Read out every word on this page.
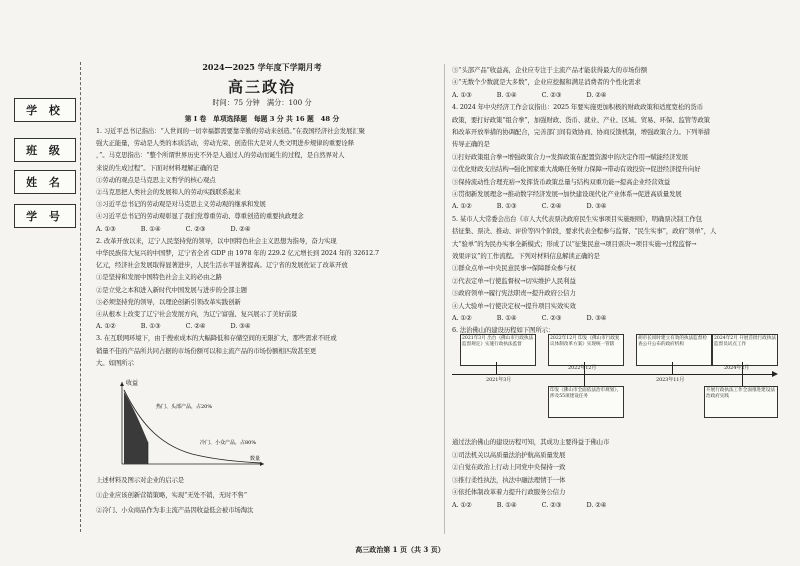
学 校
班 级
姓 名
学 号
2024—2025 学年度下学期月考
高三政治
时间：75 分钟　满分：100 分
第 I 卷　单项选择题　每题 3 分 共 16 题　48 分
1. 习近平总书记指出：“人世间的一切幸福都需要靠辛勤的劳动来创造。”在我国经济社会发展汇聚
强大正能量，劳动是人类的本质活动，劳动光荣、创造伟大是对人类文明进步规律的重要诠释
，”。马克思指出：“整个所谓世界历史不外是人通过人的劳动而诞生的过程，是自然界对人
来说的生成过程”。下面对材料理解正确的是
①劳动的观点是马克思主义哲学的核心观点
②马克思把人类社会的发展和人的劳动实践联系起来
③习近平总书记的劳动观是对马克思主义劳动观的继承和发展
④习近平总书记的劳动观彰显了我们党尊重劳动、尊重创造的重要执政理念
A. ①③　　　　B. ①④　　　　C. ②③　　　　D. ②④
2. 改革开放以来，辽宁人民坚持党的领导，以中国特色社会主义思想为指导，奋力实现
中华民族伟大复兴的中国梦，辽宁省全省 GDP 由 1978 年的 229.2 亿元增长到 2024 年的 32612.7
亿元，经济社会发展取得显著进步，人民生活水平显著提高。辽宁省的发展佐证了改革开放
①是坚持和发展中国特色社会主义的必由之路
②是立党之本和进入新时代中国发展与进步的全部主题
③必须坚持党的领导，以理论创新引领改革实践创新
④从根本上改变了辽宁社会发展方向，为辽宁富强、复兴展示了美好前景
A. ①②　　　　B. ①③　　　　C. ②④　　　　D. ③④
3. 在互联网环境下，由于搜索成本的大幅降低和存储空间的无限扩大，那些需求不旺或
销量不佳的产品所共同占据的市场份额可以和主流产品的市场份额相匹敌甚至更
大。如图所示
上述材料及图示对企业的启示是
①企业应该创新营销策略，实现“无处不销，无时不售”
②冷门、小众商品作为非主流产品因收益低会被市场淘汰
收益
数量
热门、头部产品，占20%
冷门、小众产品，占80%
③“头部产品”收益高，企业应专注于主流产品才能获得最大的市场份额
④“无数个少数就是大多数”，企业应挖掘和满足消费者的个性化需求
A. ①③　　　　B. ①④　　　　C. ②③　　　　D. ②④
4. 2024 年中央经济工作会议指出：2025 年要实施更加积极的财政政策和适度宽松的货币
政策，要打好政策“组合拳”，加强财政、货币、就业、产业、区域、贸易、环保、监管等政策
和改革开放举措的协调配合，完善部门间有效协商、协商反馈机制，增强政策合力。下列举措
传导正确的是
①打好政策组合拳→增强政策合力→发挥政策在配置资源中的决定作用→赋能经济发展
②优化财政支出结构→强化国家重大战略任务财力保障→带动有效投资→促进经济提升向好
③保持流动性合理充裕→发挥货币政策总量与结构双重功能→提高企业经营效益
④贯彻新发展理念→推动数字经济发展→加快建设现代化产业体系→促进高质量发展
A. ①②　　　　B. ①③　　　　C. ②④　　　　D. ③④
5. 某市人大常委会出台《市人大代表票决政府民生实事项目实施细则》，明确票决制工作包
括征集、票决、推动、评价等四个阶段，要求代表全程参与监督、“民生实事”，政府“领单”，人
大“验单”的为民办实事全新模式；形成了以“征集民意→项目票决→项目实施→过程监督→
效果评议”的工作流程。下列对材料信息解读正确的是
①群众点单→中央民意民事→保障群众参与权
②代表定单→行使监督权→切实维护人民利益
③政府领单→履行宪法职责→提升政府公信力
④人大验单→行使决定权→提升项目实效实效
A. ①②　　　　B. ①④　　　　C. ②③　　　　D. ③④
6. 法治佛山的建设历程如下图所示：
2021年3月 出台《佛山市行政执法监督规定》实施行政执法监督
2022年12月 印发《佛山市行政复议体制改革方案》实现统一管辖
胡市长同时建立有效的执法监督检查公开公布的政府机构
2024年2月 开展首批行政执法监督员试点工作
2021年3月
2022年12月
2023年11月
2024年2月
印发《佛山市全面依法治市规划》，涉及55项建设任务
开展行政执法工作全面推进建设法治政府实践
通过法治佛山的建设历程可知，其成功主要得益于佛山市
①司法机关以高质量法治护航高质量发展
②自觉在政治上行动上同党中央保持一致
③推行柔性执法，执法中融法理情于一体
④依托体制改革着力提升行政服务公信力
A. ①②　　　　B. ①④　　　　C. ②③　　　　D. ②④
高三政治第 1 页（共 3 页）
